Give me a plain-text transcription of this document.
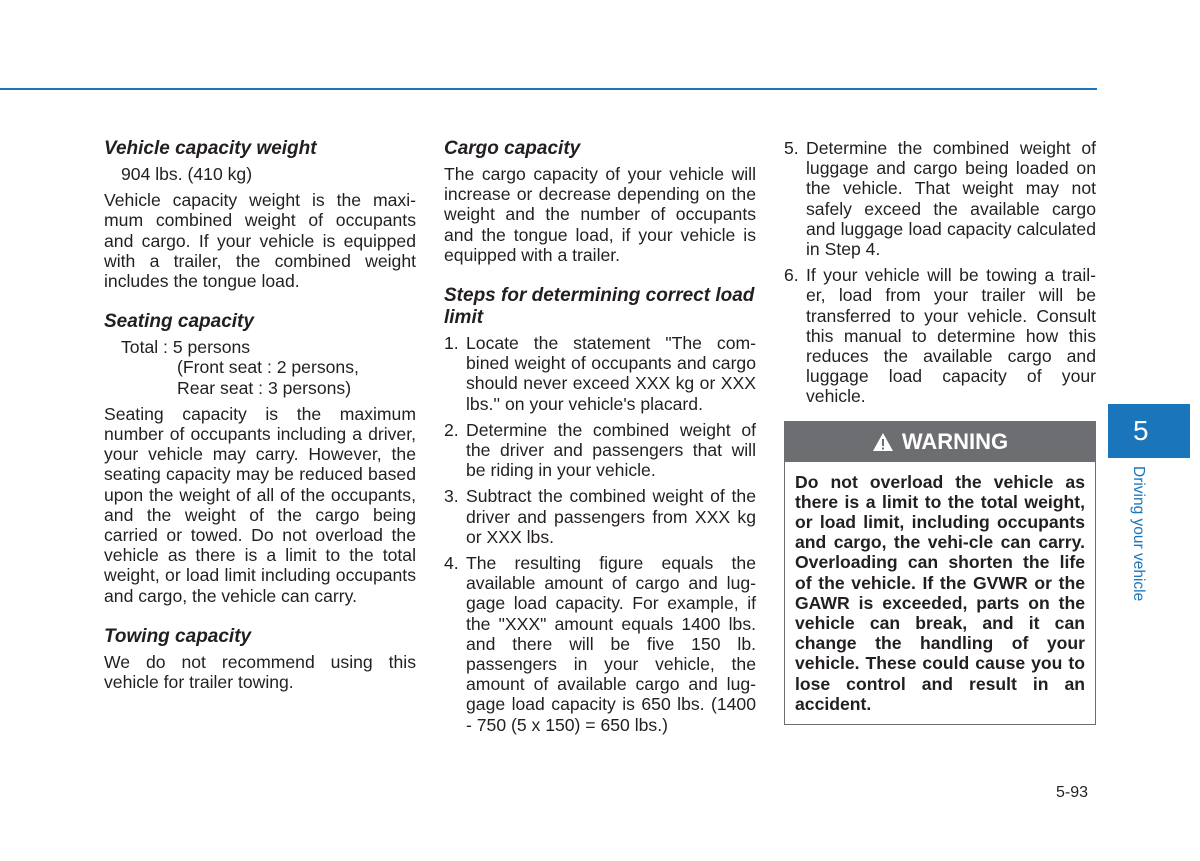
Vehicle capacity weight

904 lbs. (410 kg)

Vehicle capacity weight is the maxi-mum combined weight of occupants and cargo. If your vehicle is equipped with a trailer, the combined weight includes the tongue load.

Seating capacity

Total : 5 persons

(Front seat : 2 persons,

Rear seat : 3 persons)

Seating capacity is the maximum number of occupants including a driver, your vehicle may carry. However, the seating capacity may be reduced based upon the weight of all of the occupants, and the weight of the cargo being carried or towed. Do not overload the vehicle as there is a limit to the total weight, or load limit including occupants and cargo, the vehicle can carry.

Towing capacity

We do not recommend using this vehicle for trailer towing.

Cargo capacity

The cargo capacity of your vehicle will increase or decrease depending on the weight and the number of occupants and the tongue load, if your vehicle is equipped with a trailer.

Steps for determining correct load limit
1. Locate the statement "The com-bined weight of occupants and cargo should never exceed XXX kg or XXX lbs.'' on your vehicle's placard.
2. Determine the combined weight of the driver and passengers that will be riding in your vehicle.
3. Subtract the combined weight of the driver and passengers from XXX kg or XXX lbs.
4. The resulting figure equals the available amount of cargo and lug-gage load capacity. For example, if the "XXX" amount equals 1400 lbs. and there will be five 150 lb. passengers in your vehicle, the amount of available cargo and lug-gage load capacity is 650 lbs. (1400 - 750 (5 x 150) = 650 lbs.)
5. Determine the combined weight of luggage and cargo being loaded on the vehicle. That weight may not safely exceed the available cargo and luggage load capacity calculated in Step 4.
6. If your vehicle will be towing a trail-er, load from your trailer will be transferred to your vehicle. Consult this manual to determine how this reduces the available cargo and luggage load capacity of your vehicle.
WARNING
Do not overload the vehicle as there is a limit to the total weight, or load limit, including occupants and cargo, the vehi-cle can carry. Overloading can shorten the life of the vehicle. If the GVWR or the GAWR is exceeded, parts on the vehicle can break, and it can change the handling of your vehicle. These could cause you to lose control and result in an accident.
5
Driving your vehicle
5-93
